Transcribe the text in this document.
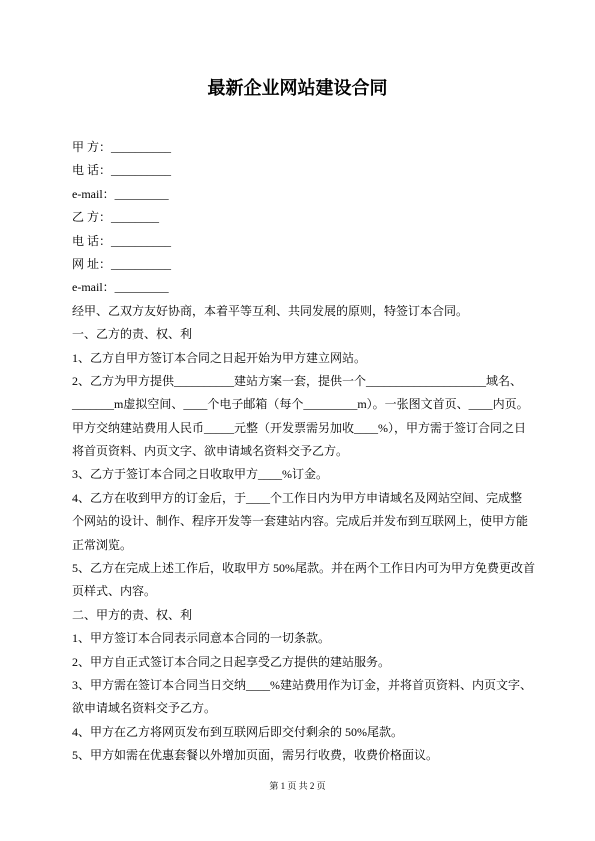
最新企业网站建设合同
甲 方：__________
电 话：__________
e-mail：_________
乙 方：________
电 话：__________
网 址：__________
e-mail：_________
经甲、乙双方友好协商，本着平等互利、共同发展的原则，特签订本合同。
一、乙方的责、权、利
1、乙方自甲方签订本合同之日起开始为甲方建立网站。
2、乙方为甲方提供__________建站方案一套，提供一个____________________域名、
_______m虚拟空间、____个电子邮箱（每个_________m）。一张图文首页、____内页。
甲方交纳建站费用人民币_____元整（开发票需另加收____%），甲方需于签订合同之日
将首页资料、内页文字、欲申请域名资料交予乙方。
3、乙方于签订本合同之日收取甲方____%订金。
4、乙方在收到甲方的订金后，于____个工作日内为甲方申请域名及网站空间、完成整
个网站的设计、制作、程序开发等一套建站内容。完成后并发布到互联网上，使甲方能
正常浏览。
5、乙方在完成上述工作后，收取甲方 50%尾款。并在两个工作日内可为甲方免费更改首
页样式、内容。
二、甲方的责、权、利
1、甲方签订本合同表示同意本合同的一切条款。
2、甲方自正式签订本合同之日起享受乙方提供的建站服务。
3、甲方需在签订本合同当日交纳____%建站费用作为订金，并将首页资料、内页文字、
欲申请域名资料交予乙方。
4、甲方在乙方将网页发布到互联网后即交付剩余的 50%尾款。
5、甲方如需在优惠套餐以外增加页面，需另行收费，收费价格面议。
第 1 页 共 2 页
